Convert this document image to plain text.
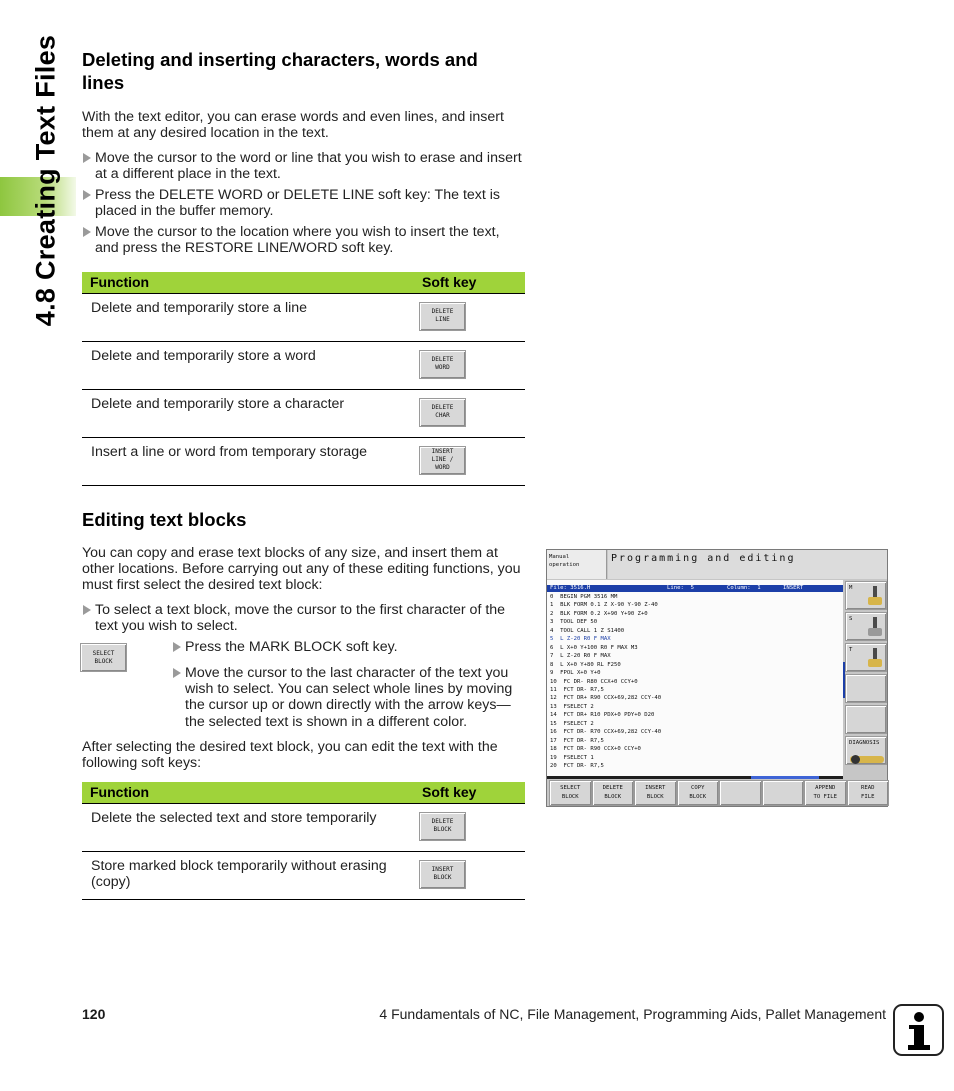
4.8 Creating Text Files Deleting and inserting characters, words and lines

With the text editor, you can erase words and even lines, and insert them at any desired location in the text.

Move the cursor to the word or line that you wish to erase and insert at a different place in the text.
Press the DELETE WORD or DELETE LINE soft key: The text is placed in the buffer memory.
Move the cursor to the location where you wish to insert the text, and press the RESTORE LINE/WORD soft key.
Function	Soft key
Delete and temporarily store a line	DELETE
LINE

Delete and temporarily store a word	DELETE
WORD

Delete and temporarily store a character	DELETE
CHAR

Insert a line or word from temporary storage	INSERT
LINE /
WORD
Editing text blocks

You can copy and erase text blocks of any size, and insert them at other locations. Before carrying out any of these editing functions, you must first select the desired text block:

To select a text block, move the cursor to the first character of the text you wish to select.
SELECT
BLOCK
Press the MARK BLOCK soft key.
Move the cursor to the last character of the text you wish to select. You can select whole lines by moving the cursor up or down directly with the arrow keys—the selected text is shown in a different color.

After selecting the desired text block, you can edit the text with the following soft keys:

Function	Soft key
Delete the selected text and store temporarily	DELETE
BLOCK

Store marked block temporarily without erasing (copy)	INSERT
BLOCK
Manual
operation
Programming and editing
File: 3516.H	Line:  5	Column:  1	INSERT
0  BEGIN PGM 3516 MM
1  BLK FORM 0.1 Z X-90 Y-90 Z-40
2  BLK FORM 0.2 X+90 Y+90 Z+0
3  TOOL DEF 50
4  TOOL CALL 1 Z S1400
5  L Z-20 R0 F MAX
6  L X+0 Y+100 R0 F MAX M3
7  L Z-20 R0 F MAX
8  L X+0 Y+80 RL F250
9  FPOL X+0 Y+0
10  FC DR- R80 CCX+0 CCY+0
11  FCT DR- R7,5
12  FCT DR+ R90 CCX+69,282 CCY-40
13  FSELECT 2
14  FCT DR+ R10 PDX+0 PDY+0 D20
15  FSELECT 2
16  FCT DR- R70 CCX+69,282 CCY-40
17  FCT DR- R7,5
18  FCT DR- R90 CCX+0 CCY+0
19  FSELECT 1
20  FCT DR- R7,5
M
S
T
DIAGNOSIS
SELECT
BLOCK
DELETE
BLOCK
INSERT
BLOCK
COPY
BLOCK
APPEND
TO FILE
READ
FILE
120	4 Fundamentals of NC, File Management, Programming Aids, Pallet Management
